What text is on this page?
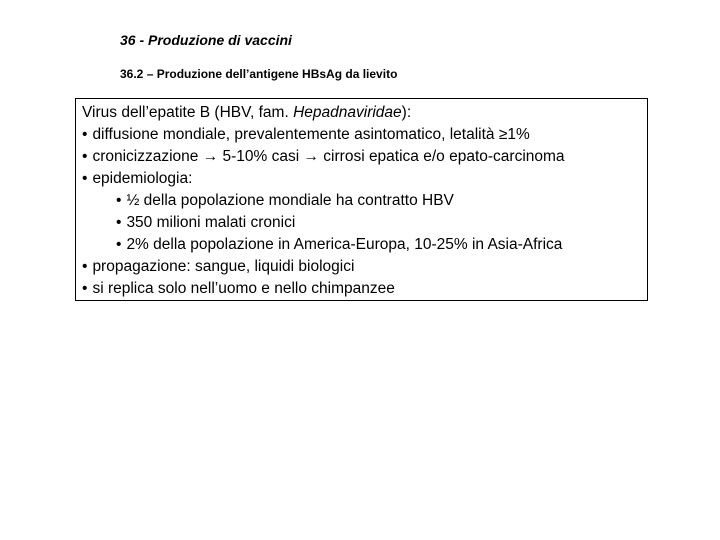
36 - Produzione di vaccini
36.2 – Produzione dell’antigene HBsAg da lievito
Virus dell’epatite B (HBV, fam. Hepadnaviridae):
• diffusione mondiale, prevalentemente asintomatico, letalità ≥1%
• cronicizzazione → 5-10% casi → cirrosi epatica e/o epato-carcinoma
• epidemiologia:
• ½ della popolazione mondiale ha contratto HBV
• 350 milioni malati cronici
• 2% della popolazione in America-Europa, 10-25% in Asia-Africa
• propagazione: sangue, liquidi biologici
• si replica solo nell’uomo e nello chimpanzee
